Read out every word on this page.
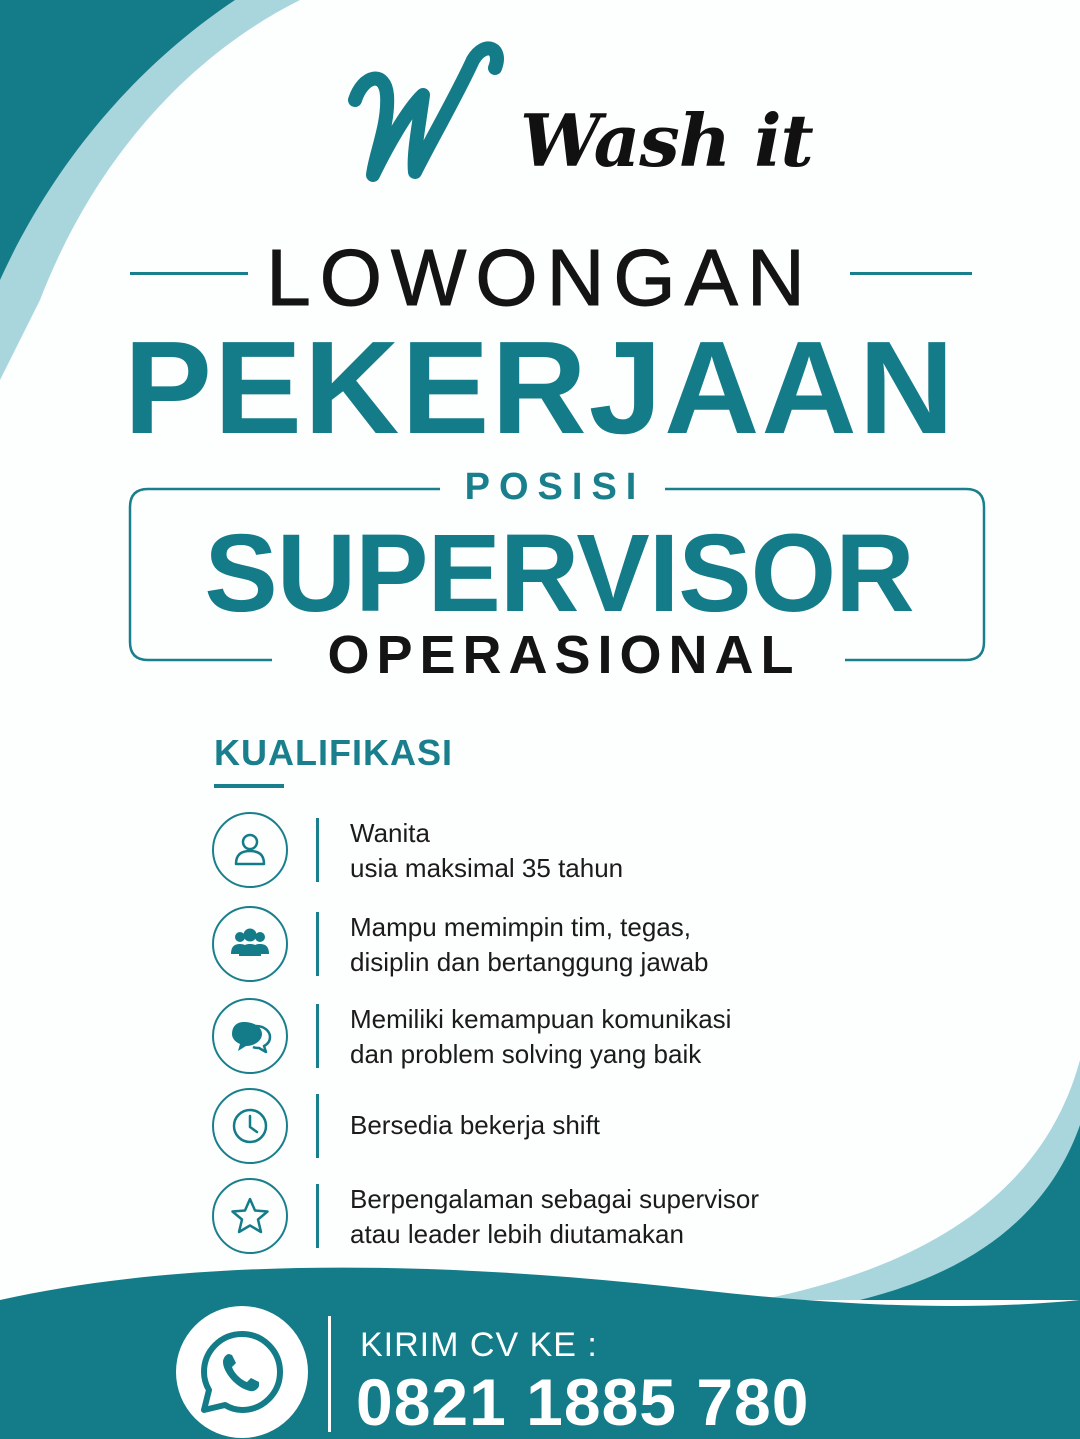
Wash it
LOWONGAN
PEKERJAAN
POSISI
SUPERVISOR
OPERASIONAL
KUALIFIKASI
Wanita
usia maksimal 35 tahun
Mampu memimpin tim, tegas,
disiplin dan bertanggung jawab
Memiliki kemampuan komunikasi
dan problem solving yang baik
Bersedia bekerja shift
Berpengalaman sebagai supervisor
atau leader lebih diutamakan
KIRIM CV KE :
0821 1885 780
